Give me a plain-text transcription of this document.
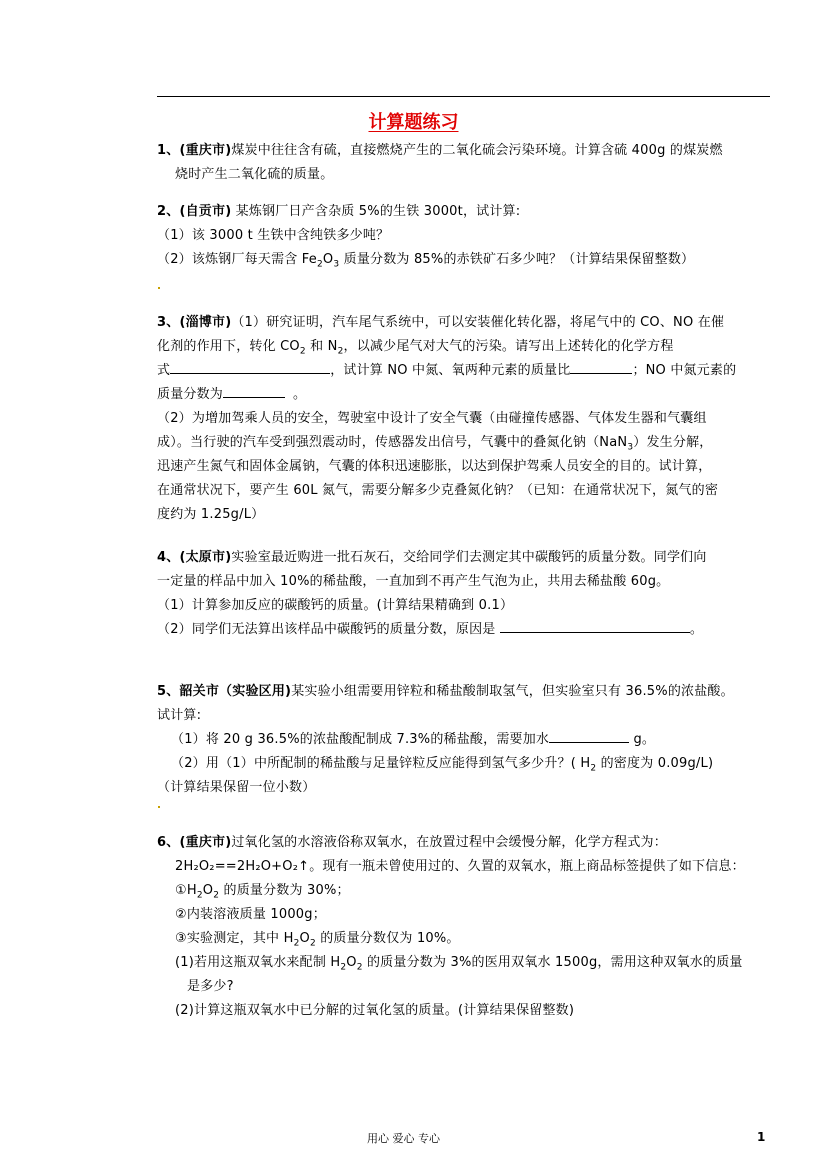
计算题练习
1、(重庆市)煤炭中往往含有硫，直接燃烧产生的二氧化硫会污染环境。计算含硫 400g 的煤炭燃
烧时产生二氧化硫的质量。
2、(自贡市) 某炼钢厂日产含杂质 5%的生铁 3000t，试计算:
（1）该 3000 t 生铁中含纯铁多少吨？
（2）该炼钢厂每天需含 $Fe_2O_3$ 质量分数为 85%的赤铁矿石多少吨？（计算结果保留整数）
3、(淄博市)（1）研究证明，汽车尾气系统中，可以安装催化转化器，将尾气中的 CO、NO 在催
化剂的作用下，转化 $CO_2$ 和 $N_2$，以减少尾气对大气的污染。请写出上述转化的化学方程
式	，试计算 NO 中氮、氧两种元素的质量比	；NO 中氮元素的
质量分数为	。
（2）为增加驾乘人员的安全，驾驶室中设计了安全气囊（由碰撞传感器、气体发生器和气囊组
成）。当行驶的汽车受到强烈震动时，传感器发出信号，气囊中的叠氮化钠（NaN$_3$）发生分解，
迅速产生氮气和固体金属钠，气囊的体积迅速膨胀，以达到保护驾乘人员安全的目的。试计算，
在通常状况下，要产生 60L 氮气，需要分解多少克叠氮化钠？（已知：在通常状况下，氮气的密
度约为 1.25g/L）
4、(太原市)实验室最近购进一批石灰石，交给同学们去测定其中碳酸钙的质量分数。同学们向
一定量的样品中加入 10%的稀盐酸，一直加到不再产生气泡为止，共用去稀盐酸 60g。
（1）计算参加反应的碳酸钙的质量。(计算结果精确到 0.1）
（2）同学们无法算出该样品中碳酸钙的质量分数，原因是	。
5、韶关市（实验区用)某实验小组需要用锌粒和稀盐酸制取氢气，但实验室只有 36.5%的浓盐酸。
试计算:
（1）将 20 g 36.5%的浓盐酸配制成 7.3%的稀盐酸，需要加水	g。
（2）用（1）中所配制的稀盐酸与足量锌粒反应能得到氢气多少升？( $H_2$ 的密度为 0.09g/L)
（计算结果保留一位小数）
6、(重庆市)过氧化氢的水溶液俗称双氧水，在放置过程中会缓慢分解，化学方程式为：
2H₂O₂==2H₂O+O₂↑。现有一瓶未曾使用过的、久置的双氧水，瓶上商品标签提供了如下信息：
$①H_2O_2$ 的质量分数为 30%；
②内装溶液质量 1000g；
③实验测定，其中 $H_2O_2$ 的质量分数仅为 10%。
(1)若用这瓶双氧水来配制 $H_2O_2$ 的质量分数为 3%的医用双氧水 1500g，需用这种双氧水的质量
是多少?
(2)计算这瓶双氧水中已分解的过氧化氢的质量。(计算结果保留整数)
用心 爱心 专心	1
